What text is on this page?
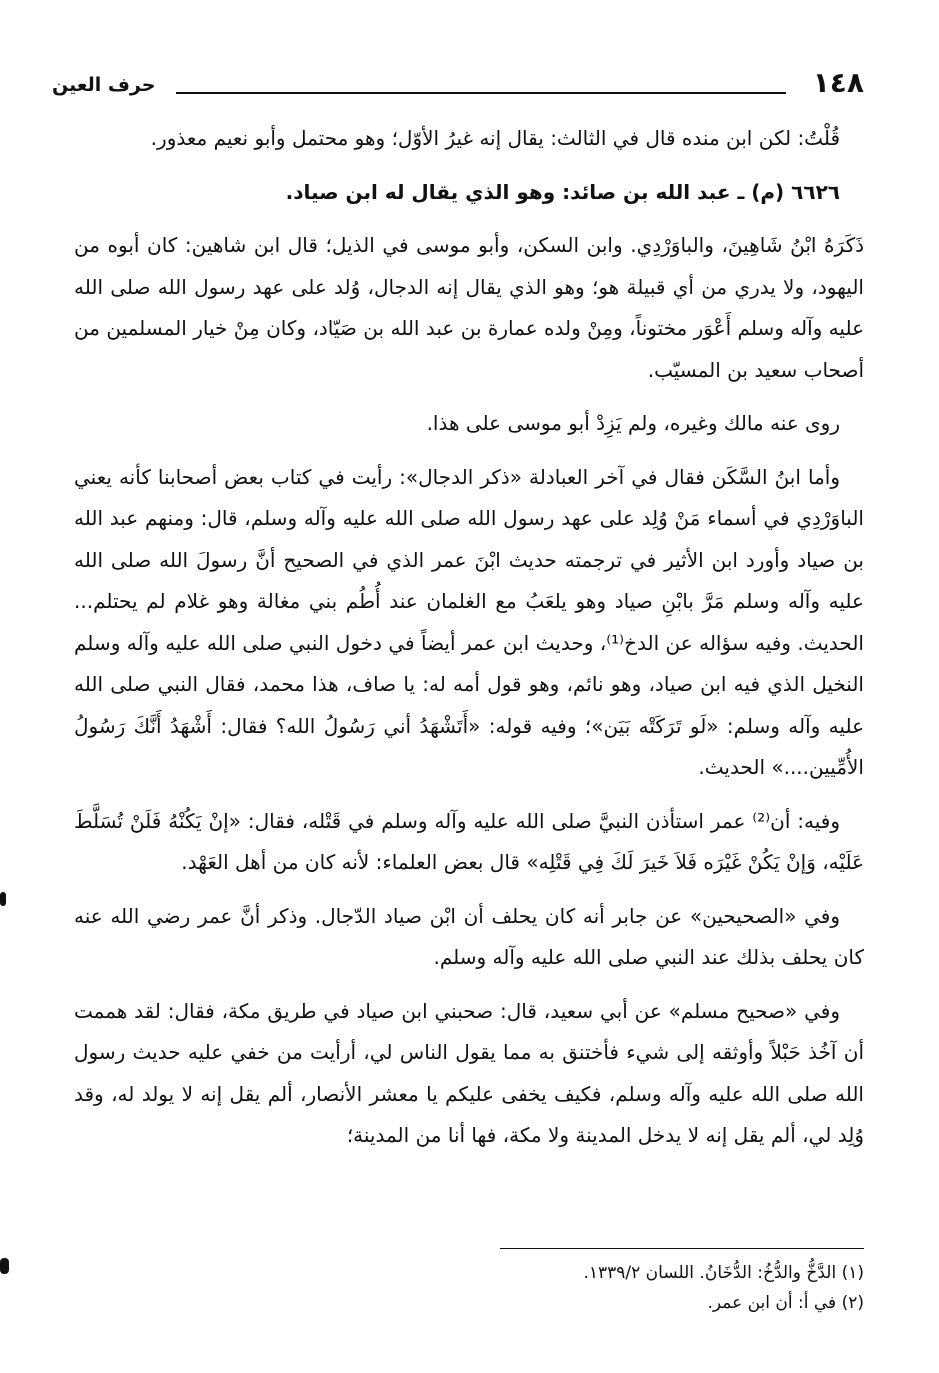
١٤٨
حرف العين

قُلْتُ: لكن ابن منده قال في الثالث: يقال إنه غيرُ الأوّل؛ وهو محتمل وأبو نعيم معذور.

٦٦٢٦ (م) ـ عبد الله بن صائد: وهو الذي يقال له ابن صياد.

ذَكَرَهُ ابْنُ شَاهِينَ، والباوَرْدِي. وابن السكن، وأبو موسى في الذيل؛ قال ابن شاهين: كان أبوه من اليهود، ولا يدري من أي قبيلة هو؛ وهو الذي يقال إنه الدجال، وُلد على عهد رسول الله صلى الله عليه وآله وسلم أَعْوَر مختوناً، ومِنْ ولده عمارة بن عبد الله بن صَيّاد، وكان مِنْ خيار المسلمين من أصحاب سعيد بن المسيّب.

روى عنه مالك وغيره، ولم يَزِدْ أبو موسى على هذا.

وأما ابنُ السَّكَن فقال في آخر العبادلة «ذكر الدجال»: رأيت في كتاب بعض أصحابنا كأنه يعني الباوَرْدِي في أسماء مَنْ وُلِد على عهد رسول الله صلى الله عليه وآله وسلم، قال: ومنهم عبد الله بن صياد وأورد ابن الأثير في ترجمته حديث ابْنَ عمر الذي في الصحيح أنَّ رسولَ الله صلى الله عليه وآله وسلم مَرَّ بابْنِ صياد وهو يلعَبُ مع الغلمان عند أُطُم بني مغالة وهو غلام لم يحتلم... الحديث. وفيه سؤاله عن الدخ⁽¹⁾، وحديث ابن عمر أيضاً في دخول النبي صلى الله عليه وآله وسلم النخيل الذي فيه ابن صياد، وهو نائم، وهو قول أمه له: يا صاف، هذا محمد، فقال النبي صلى الله عليه وآله وسلم: «لَو تَرَكَتْه بَيَن»؛ وفيه قوله: «أَتَشْهَدُ أني رَسُولُ الله؟ فقال: أَشْهَدُ أَنَّكَ رَسُولُ الأُمِّيين....» الحديث.

وفيه: أن⁽²⁾ عمر استأذن النبيَّ صلى الله عليه وآله وسلم في قَتْله، فقال: «إنْ يَكُنْهُ فَلَنْ تُسَلَّطَ عَلَيْه، وَإنْ يَكُنْ غَيْرَه فَلاَ خَيرَ لَكَ فِي قَتْلِه» قال بعض العلماء: لأنه كان من أهل العَهْد.

وفي «الصحيحين» عن جابر أنه كان يحلف أن ابْن صياد الدّجال. وذكر أنَّ عمر رضي الله عنه كان يحلف بذلك عند النبي صلى الله عليه وآله وسلم.

وفي «صحيح مسلم» عن أبي سعيد، قال: صحبني ابن صياد في طريق مكة، فقال: لقد هممت أن آخُذ حَبْلاً وأوثقه إلى شيء فأختنق به مما يقول الناس لي، أرأيت من خفي عليه حديث رسول الله صلى الله عليه وآله وسلم، فكيف يخفى عليكم يا معشر الأنصار، ألم يقل إنه لا يولد له، وقد وُلِد لي، ألم يقل إنه لا يدخل المدينة ولا مكة، فها أنا من المدينة؛

(١) الدَّخُّ والدُّخُ: الدُّخَانُ. اللسان ١٣٣٩/٢.
(٢) في أ: أن ابن عمر.
